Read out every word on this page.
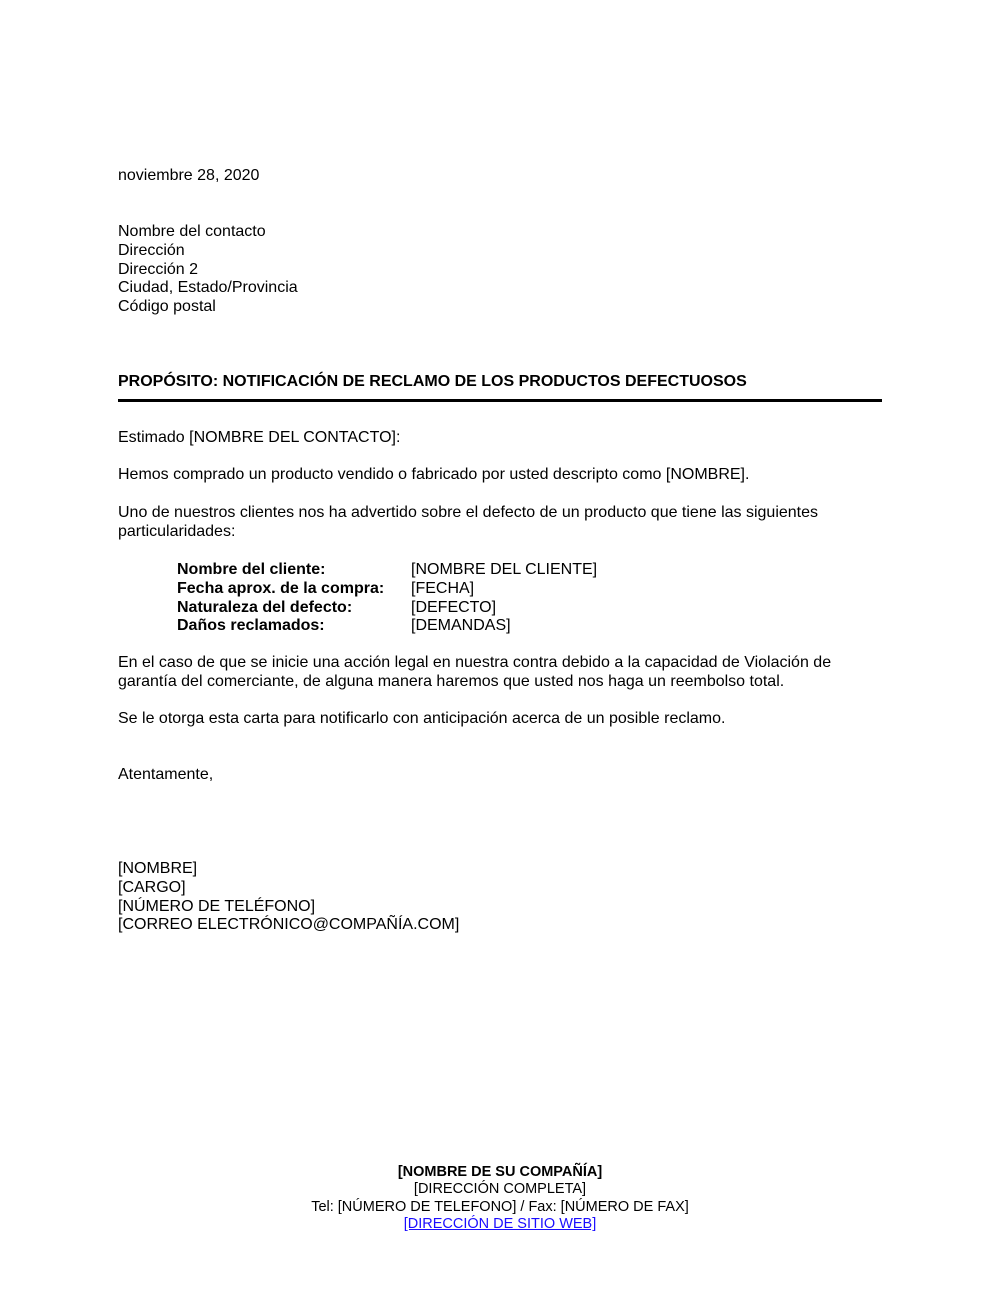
noviembre 28, 2020
Nombre del contacto
Dirección
Dirección 2
Ciudad, Estado/Provincia
Código postal
PROPÓSITO: NOTIFICACIÓN DE RECLAMO DE LOS PRODUCTOS DEFECTUOSOS
Estimado [NOMBRE DEL CONTACTO]:
Hemos comprado un producto vendido o fabricado por usted descripto como [NOMBRE].
Uno de nuestros clientes nos ha advertido sobre el defecto de un producto que tiene las siguientes particularidades:
Nombre del cliente:	[NOMBRE DEL CLIENTE]
Fecha aprox. de la compra:	[FECHA]
Naturaleza del defecto:	[DEFECTO]
Daños reclamados:	[DEMANDAS]
En el caso de que se inicie una acción legal en nuestra contra debido a la capacidad de Violación de garantía del comerciante, de alguna manera haremos que usted nos haga un reembolso total.
Se le otorga esta carta para notificarlo con anticipación acerca de un posible reclamo.
Atentamente,
[NOMBRE]
[CARGO]
[NÚMERO DE TELÉFONO]
[CORREO ELECTRÓNICO@COMPAÑÍA.COM]
[NOMBRE DE SU COMPAÑÍA]
[DIRECCIÓN COMPLETA]
Tel: [NÚMERO DE TELEFONO] / Fax: [NÚMERO DE FAX]
[DIRECCIÓN DE SITIO WEB]
